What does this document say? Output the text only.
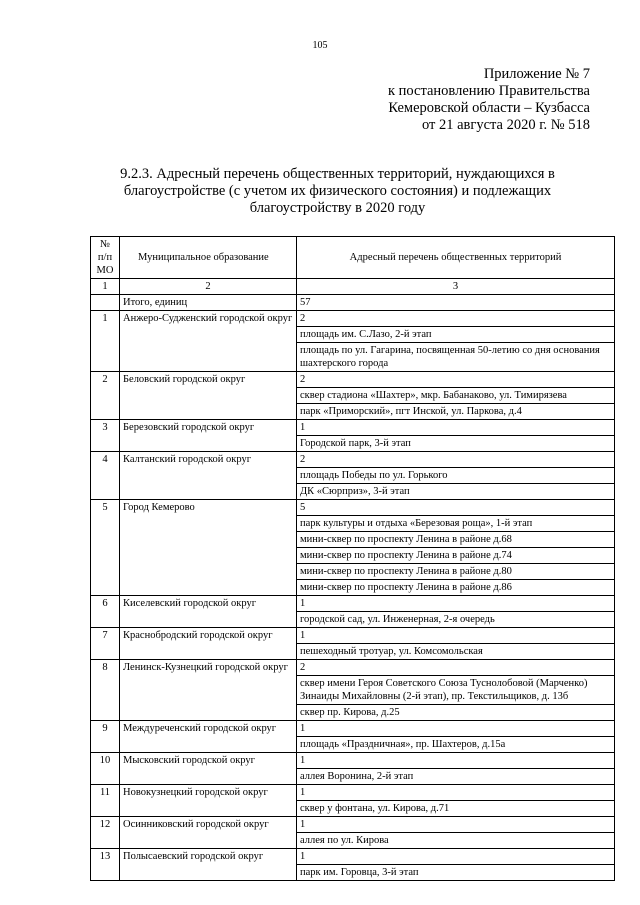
105
Приложение № 7
к постановлению Правительства
Кемеровской области – Кузбасса
от 21 августа 2020 г. № 518
9.2.3. Адресный перечень общественных территорий, нуждающихся в
благоустройстве (с учетом их физического состояния) и подлежащих
благоустройству в 2020 году
№
п/п
МО	Муниципальное образование	Адресный перечень общественных территорий
1	2	3
	Итого, единиц	57
1	Анжеро-Судженский городской округ	2
		площадь им. С.Лазо, 2-й этап
		площадь по ул. Гагарина, посвященная 50-летию со дня основания шахтерского города
2	Беловский городской округ	2
		сквер стадиона «Шахтер», мкр. Бабанаково, ул. Тимирязева
		парк «Приморский», пгт Инской, ул. Паркова, д.4
3	Березовский городской округ	1
		Городской парк, 3-й этап
4	Калтанский городской округ	2
		площадь Победы по ул. Горького
		ДК «Сюрприз», 3-й этап
5	Город Кемерово	5
		парк культуры и отдыха «Березовая роща», 1-й этап
		мини-сквер по проспекту Ленина в районе д.68
		мини-сквер по проспекту Ленина в районе д.74
		мини-сквер по проспекту Ленина в районе д.80
		мини-сквер по проспекту Ленина в районе д.86
6	Киселевский городской округ	1
		городской сад, ул. Инженерная, 2-я очередь
7	Краснобродский городской округ	1
		пешеходный тротуар, ул. Комсомольская
8	Ленинск-Кузнецкий городской округ	2
		сквер имени Героя Советского Союза Туснолобовой (Марченко) Зинаиды Михайловны (2-й этап), пр. Текстильщиков, д. 13б
		сквер пр. Кирова, д.25
9	Междуреченский городской округ	1
		площадь «Праздничная», пр. Шахтеров, д.15а
10	Мысковский городской округ	1
		аллея Воронина, 2-й этап
11	Новокузнецкий городской округ	1
		сквер у фонтана, ул. Кирова, д.71
12	Осинниковский городской округ	1
		аллея по ул. Кирова
13	Полысаевский городской округ	1
		парк им. Горовца, 3-й этап
